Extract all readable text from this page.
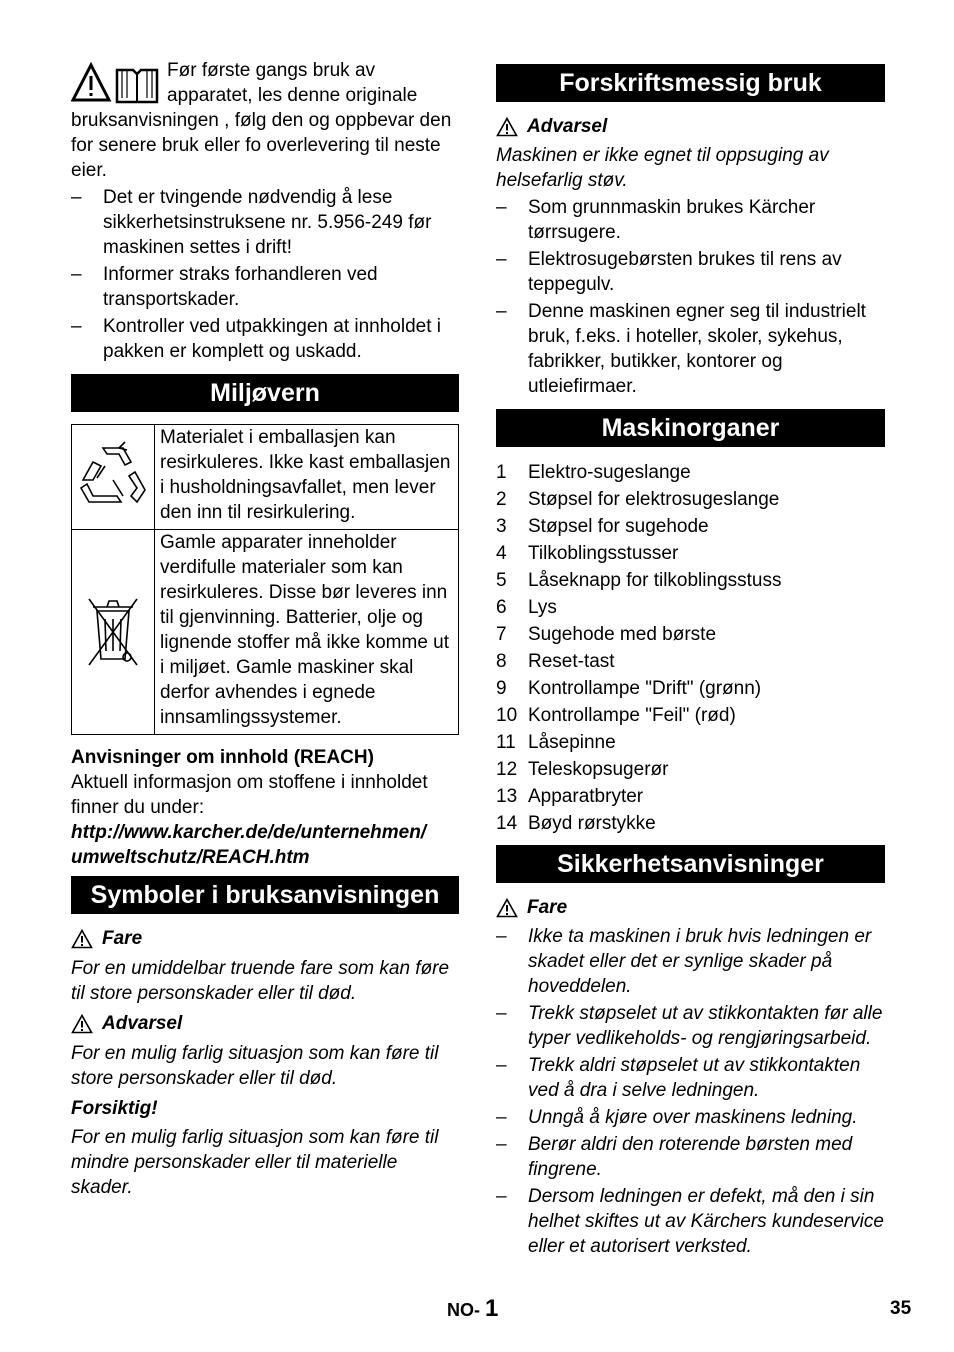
Før første gangs bruk av apparatet, les denne originale bruksanvisningen , følg den og oppbevar den for senere bruk eller fo overlevering til neste eier.

–	Det er tvingende nødvendig å lese sikkerhetsinstruksene nr. 5.956-249 før maskinen settes i drift!
–	Informer straks forhandleren ved transportskader.
–	Kontroller ved utpakkingen at innholdet i pakken er komplett og uskadd.
Miljøvern
	Materialet i emballasjen kan resirkuleres. Ikke kast emballasjen i husholdningsavfallet, men lever den inn til resirkulering.
	Gamle apparater inneholder verdifulle materialer som kan resirkuleres. Disse bør leveres inn til gjenvinning. Batterier, olje og lignende stoffer må ikke komme ut i miljøet. Gamle maskiner skal derfor avhendes i egnede innsamlingssystemer.

Anvisninger om innhold (REACH)

Aktuell informasjon om stoffene i innholdet finner du under:

http://www.karcher.de/de/unternehmen/

umweltschutz/REACH.htm

Symboler i bruksanvisningen
Fare

For en umiddelbar truende fare som kan føre til store personskader eller til død.

Advarsel

For en mulig farlig situasjon som kan føre til store personskader eller til død.

Forsiktig!

For en mulig farlig situasjon som kan føre til mindre personskader eller til materielle skader.

Forskriftsmessig bruk
Advarsel

Maskinen er ikke egnet til oppsuging av helsefarlig støv.

–	Som grunnmaskin brukes Kärcher tørrsugere.
–	Elektrosugebørsten brukes til rens av teppegulv.
–	Denne maskinen egner seg til industrielt bruk, f.eks. i hoteller, skoler, sykehus, fabrikker, butikker, kontorer og utleiefirmaer.
Maskinorganer
1 Elektro-sugeslange
2 Støpsel for elektrosugeslange
3 Støpsel for sugehode
4 Tilkoblingsstusser
5 Låseknapp for tilkoblingsstuss
6 Lys
7 Sugehode med børste
8 Reset-tast
9 Kontrollampe "Drift" (grønn)
10 Kontrollampe "Feil" (rød)
11 Låsepinne
12 Teleskopsugerør
13 Apparatbryter
14 Bøyd rørstykke
Sikkerhetsanvisninger
Fare
–	Ikke ta maskinen i bruk hvis ledningen er skadet eller det er synlige skader på hoveddelen.
–	Trekk støpselet ut av stikkontakten før alle typer vedlikeholds- og rengjøringsarbeid.
–	Trekk aldri støpselet ut av stikkontakten ved å dra i selve ledningen.
–	Unngå å kjøre over maskinens ledning.
–	Berør aldri den roterende børsten med fingrene.
–	Dersom ledningen er defekt, må den i sin helhet skiftes ut av Kärchers kundeservice eller et autorisert verksted.
NO- 1	35
